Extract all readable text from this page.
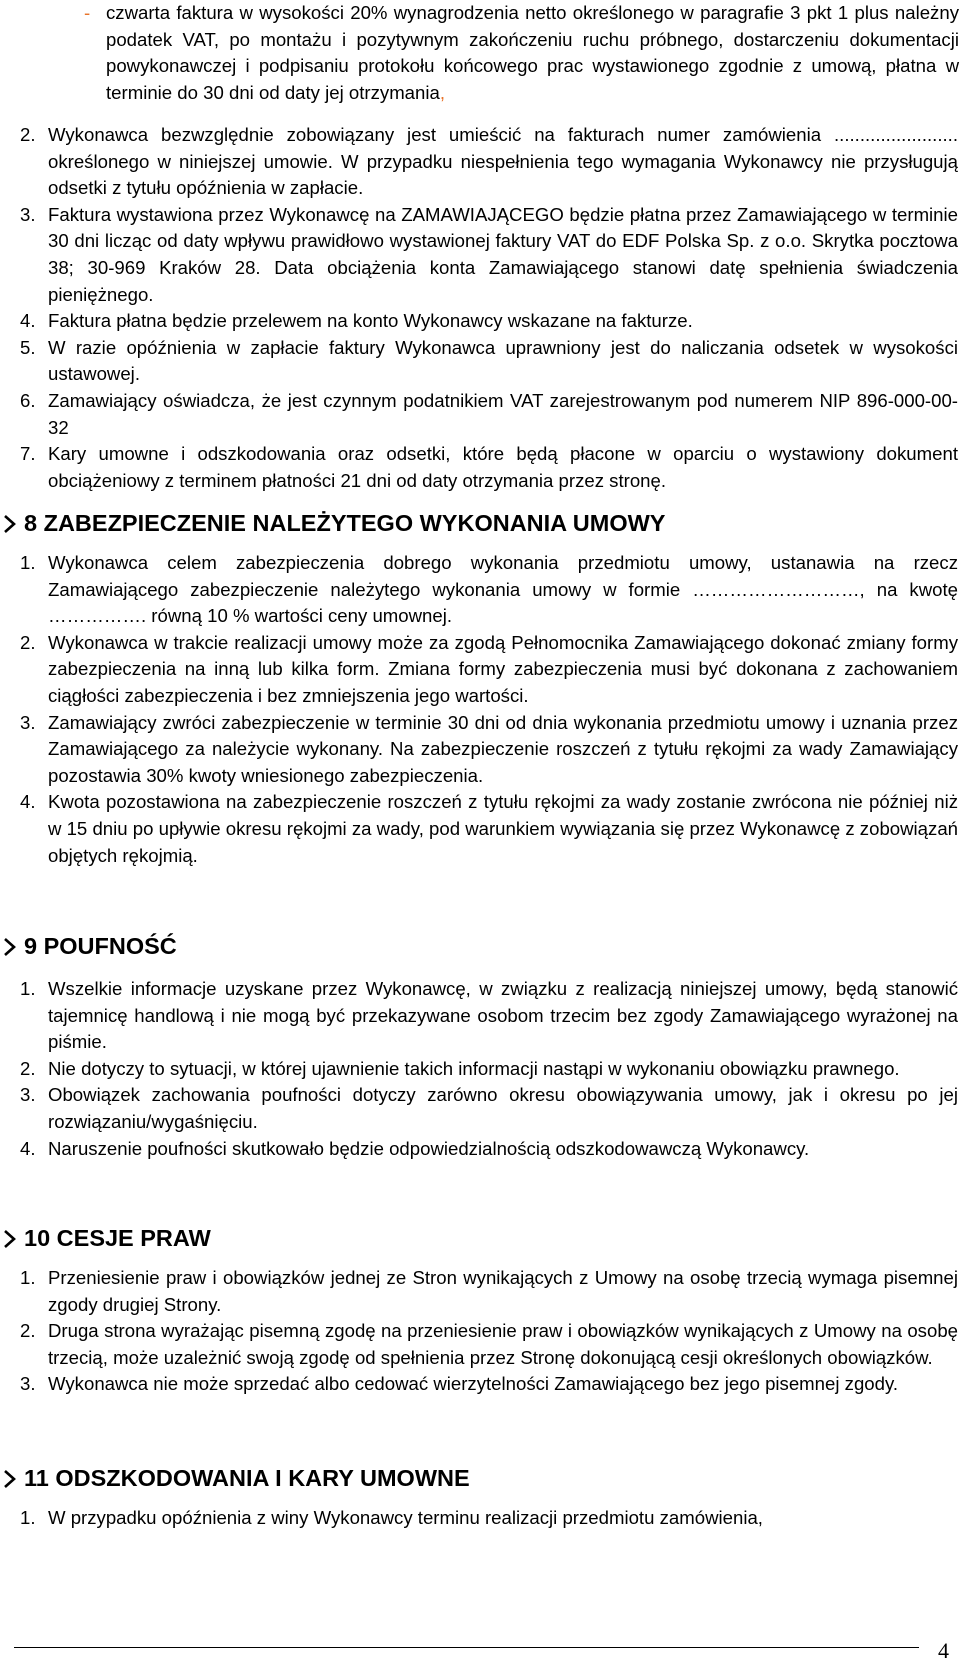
- czwarta faktura w wysokości 20% wynagrodzenia netto określonego w paragrafie 3 pkt 1 plus należny podatek VAT, po montażu i pozytywnym zakończeniu ruchu próbnego, dostarczeniu dokumentacji powykonawczej i podpisaniu protokołu końcowego prac wystawionego zgodnie z umową, płatna w terminie do 30 dni od daty jej otrzymania,
2. Wykonawca bezwzględnie zobowiązany jest umieścić na fakturach numer zamówienia ........................ określonego w niniejszej umowie. W przypadku niespełnienia tego wymagania Wykonawcy nie przysługują odsetki z tytułu opóźnienia w zapłacie.
3. Faktura wystawiona przez Wykonawcę na ZAMAWIAJĄCEGO będzie płatna przez Zamawiającego w terminie 30 dni licząc od daty wpływu prawidłowo wystawionej faktury VAT do EDF Polska Sp. z o.o. Skrytka pocztowa 38; 30-969 Kraków 28. Data obciążenia konta Zamawiającego stanowi datę spełnienia świadczenia pieniężnego.
4. Faktura płatna będzie przelewem na konto Wykonawcy wskazane na fakturze.
5. W razie opóźnienia w zapłacie faktury Wykonawca uprawniony jest do naliczania odsetek w wysokości ustawowej.
6. Zamawiający oświadcza, że jest czynnym podatnikiem VAT zarejestrowanym pod numerem NIP 896-000-00-32
7. Kary umowne i odszkodowania oraz odsetki, które będą płacone w oparciu o wystawiony dokument obciążeniowy z terminem płatności 21 dni od daty otrzymania przez stronę.
8 ZABEZPIECZENIE NALEŻYTEGO WYKONANIA UMOWY
1. Wykonawca celem zabezpieczenia dobrego wykonania przedmiotu umowy, ustanawia na rzecz Zamawiającego zabezpieczenie należytego wykonania umowy w formie ………………………, na kwotę ……………. równą 10 % wartości ceny umownej.
2. Wykonawca w trakcie realizacji umowy może za zgodą Pełnomocnika Zamawiającego dokonać zmiany formy zabezpieczenia na inną lub kilka form. Zmiana formy zabezpieczenia musi być dokonana z zachowaniem ciągłości zabezpieczenia i bez zmniejszenia jego wartości.
3. Zamawiający zwróci zabezpieczenie w terminie 30 dni od dnia wykonania przedmiotu umowy i uznania przez Zamawiającego za należycie wykonany. Na zabezpieczenie roszczeń z tytułu rękojmi za wady Zamawiający pozostawia 30% kwoty wniesionego zabezpieczenia.
4. Kwota pozostawiona na zabezpieczenie roszczeń z tytułu rękojmi za wady zostanie zwrócona nie później niż w 15 dniu po upływie okresu rękojmi za wady, pod warunkiem wywiązania się przez Wykonawcę z zobowiązań objętych rękojmią.
9 POUFNOŚĆ
1. Wszelkie informacje uzyskane przez Wykonawcę, w związku z realizacją niniejszej umowy, będą stanowić tajemnicę handlową i nie mogą być przekazywane osobom trzecim bez zgody Zamawiającego wyrażonej na piśmie.
2. Nie dotyczy to sytuacji, w której ujawnienie takich informacji nastąpi w wykonaniu obowiązku prawnego.
3. Obowiązek zachowania poufności dotyczy zarówno okresu obowiązywania umowy, jak i okresu po jej rozwiązaniu/wygaśnięciu.
4. Naruszenie poufności skutkowało będzie odpowiedzialnością odszkodowawczą Wykonawcy.
10 CESJE PRAW
1. Przeniesienie praw i obowiązków jednej ze Stron wynikających z Umowy na osobę trzecią wymaga pisemnej zgody drugiej Strony.
2. Druga strona wyrażając pisemną zgodę na przeniesienie praw i obowiązków wynikających z Umowy na osobę trzecią, może uzależnić swoją zgodę od spełnienia przez Stronę dokonującą cesji określonych obowiązków.
3. Wykonawca nie może sprzedać albo cedować wierzytelności Zamawiającego bez jego pisemnej zgody.
11 ODSZKODOWANIA I KARY UMOWNE
1. W przypadku opóźnienia z winy Wykonawcy terminu realizacji przedmiotu zamówienia,
4
